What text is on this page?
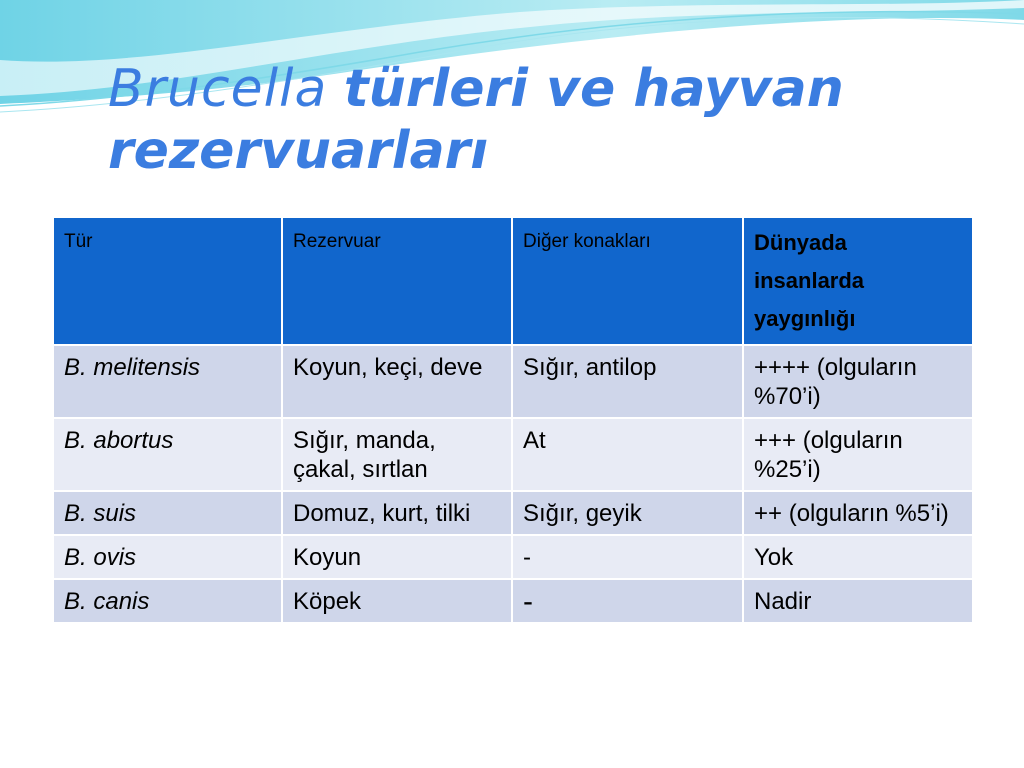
Brucella türleri ve hayvan rezervuarları
Tür	Rezervuar	Diğer konakları	Dünyada insanlarda yaygınlığı
B. melitensis	Koyun, keçi, deve	Sığır, antilop	++++ (olguların %70’i)
B. abortus	Sığır, manda, çakal, sırtlan	At	+++ (olguların %25’i)
B. suis	Domuz, kurt, tilki	Sığır, geyik	++ (olguların %5’i)
B. ovis	Koyun	-	Yok
B. canis	Köpek	-	Nadir
